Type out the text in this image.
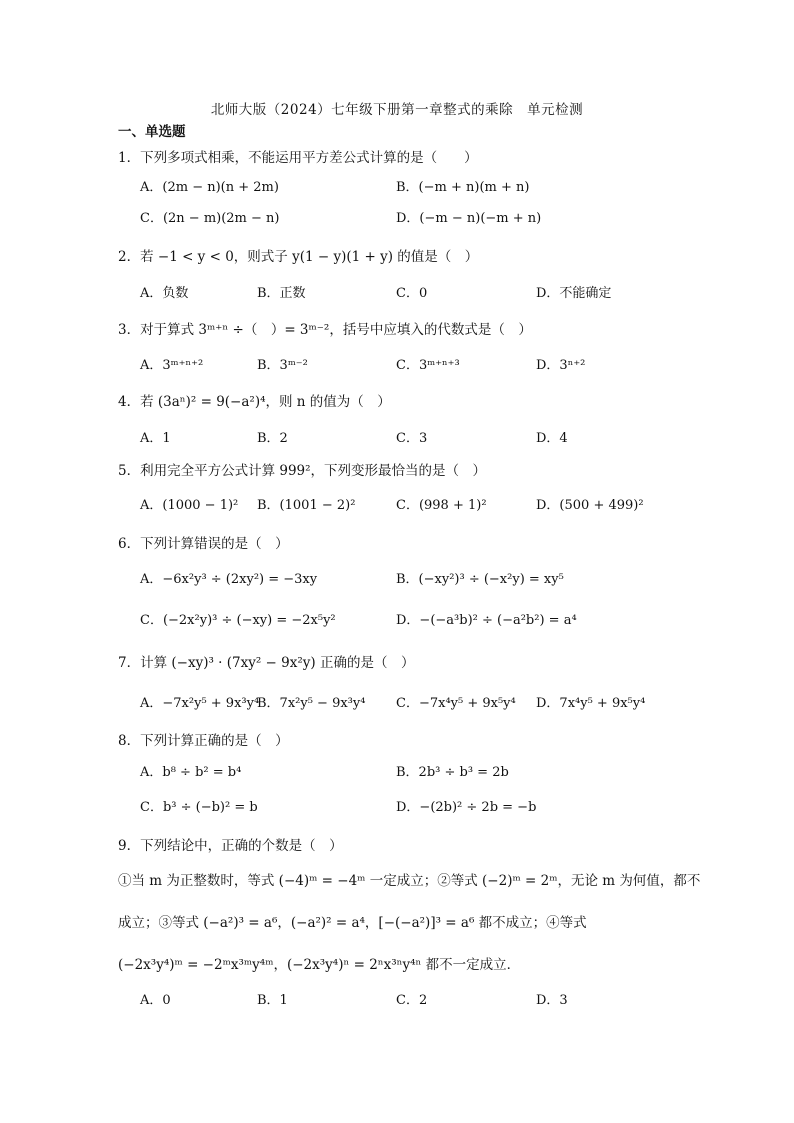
北师大版（2024）七年级下册第一章整式的乘除　单元检测
一、单选题
1．下列多项式相乘，不能运用平方差公式计算的是（　　）
A．(2m − n)(n + 2m)	B．(−m + n)(m + n)
C．(2n − m)(2m − n)	D．(−m − n)(−m + n)
2．若 −1 < y < 0，则式子 y(1 − y)(1 + y) 的值是（　）
A．负数	B．正数	C．0	D．不能确定
3．对于算式 3ᵐ⁺ⁿ ÷（　）= 3ᵐ⁻²，括号中应填入的代数式是（　）
A．3ᵐ⁺ⁿ⁺²	B．3ᵐ⁻²	C．3ᵐ⁺ⁿ⁺³	D．3ⁿ⁺²
4．若 (3aⁿ)² = 9(−a²)⁴，则 n 的值为（　）
A．1	B．2	C．3	D．4
5．利用完全平方公式计算 999²，下列变形最恰当的是（　）
A．(1000 − 1)² B．(1001 − 2)²	C．(998 + 1)²	D．(500 + 499)²
6．下列计算错误的是（　）
A．−6x²y³ ÷ (2xy²) = −3xy	B．(−xy²)³ ÷ (−x²y) = xy⁵
C．(−2x²y)³ ÷ (−xy) = −2x⁵y²	D．−(−a³b)² ÷ (−a²b²) = a⁴
7．计算 (−xy)³ · (7xy² − 9x²y) 正确的是（　）
A．−7x²y⁵ + 9x³y⁴
B．7x²y⁵ − 9x³y⁴ C．−7x⁴y⁵ + 9x⁵y⁴ D．7x⁴y⁵ + 9x⁵y⁴
8．下列计算正确的是（　）
A．b⁸ ÷ b² = b⁴	B．2b³ ÷ b³ = 2b
C．b³ ÷ (−b)² = b	D．−(2b)² ÷ 2b = −b
9．下列结论中，正确的个数是（　）
①当 m 为正整数时，等式 (−4)ᵐ = −4ᵐ 一定成立；②等式 (−2)ᵐ = 2ᵐ，无论 m 为何值，都不
成立；③等式 (−a²)³ = a⁶，(−a²)² = a⁴，[−(−a²)]³ = a⁶ 都不成立；④等式
(−2x³y⁴)ᵐ = −2ᵐx³ᵐy⁴ᵐ，(−2x³y⁴)ⁿ = 2ⁿx³ⁿy⁴ⁿ 都不一定成立．
A．0	B．1	C．2	D．3
